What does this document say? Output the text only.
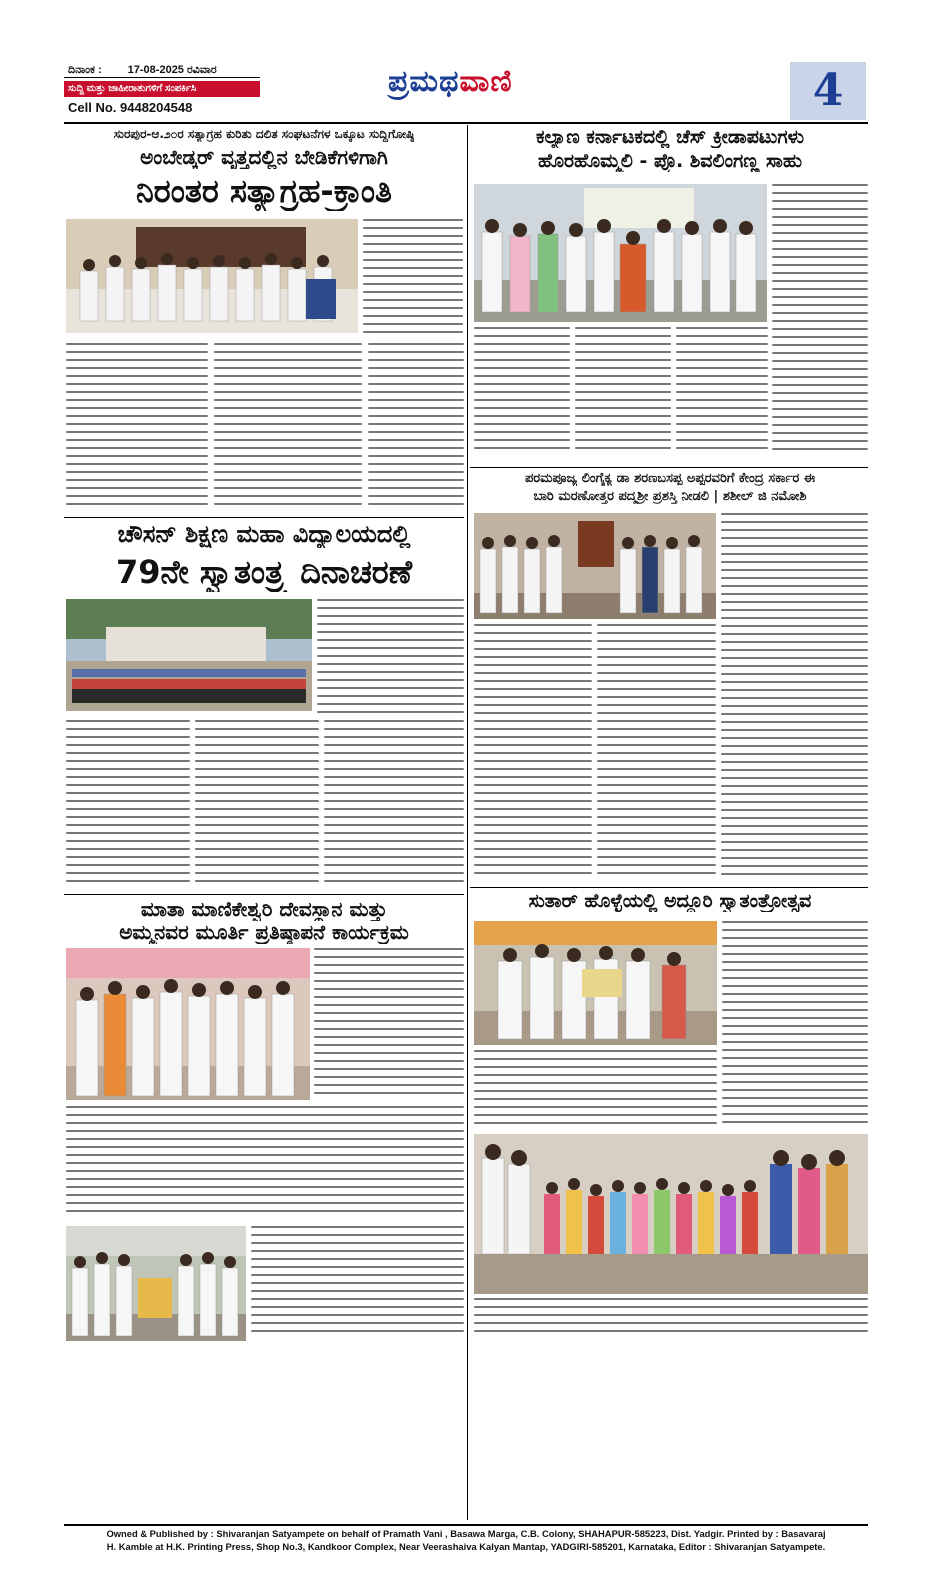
ದಿನಾಂಕ : 17-08-2025 ರವಿವಾರ
ಸುದ್ದಿ ಮತ್ತು ಜಾಹೀರಾತುಗಳಿಗೆ ಸಂಪರ್ಕಿಸಿ
Cell No. 9448204548
ಪ್ರಮಥವಾಣಿ	4
ಸುರಪುರ-ಆ.೨೦ರ ಸತ್ಯಾಗ್ರಹ ಕುರಿತು ದಲಿತ ಸಂಘಟನೆಗಳ ಒಕ್ಕೂಟ ಸುದ್ದಿಗೋಷ್ಠಿ
ಅಂಬೇಡ್ಕರ್ ವೃತ್ತದಲ್ಲಿನ ಬೇಡಿಕೆಗಳಿಗಾಗಿ
ನಿರಂತರ ಸತ್ಯಾಗ್ರಹ-ಕ್ರಾಂತಿ
ಕಲ್ಯಾಣ ಕರ್ನಾಟಕದಲ್ಲಿ ಚೆಸ್ ಕ್ರೀಡಾಪಟುಗಳು
ಹೊರಹೊಮ್ಮಲಿ - ಪ್ರೊ. ಶಿವಲಿಂಗಣ್ಣ ಸಾಹು
ಪರಮಪೂಜ್ಯ ಲಿಂಗೈಕ್ಯ ಡಾ ಶರಣಬಸಪ್ಪ ಅಪ್ಪರವರಿಗೆ ಕೇಂದ್ರ ಸರ್ಕಾರ ಈ
ಬಾರಿ ಮರಣೋತ್ತರ ಪದ್ಮಶ್ರೀ ಪ್ರಶಸ್ತಿ ನೀಡಲಿ | ಶಶೀಲ್ ಜಿ ನಮೋಶಿ
ಚೌಸನ್ ಶಿಕ್ಷಣ ಮಹಾ ವಿದ್ಯಾಲಯದಲ್ಲಿ
79ನೇ ಸ್ವಾತಂತ್ರ್ಯ ದಿನಾಚರಣೆ
ಸುತಾರ್ ಹೊಳ್ಳೆಯಲ್ಲಿ ಅದ್ದೂರಿ ಸ್ವಾತಂತ್ರೋತ್ಸವ
ಮಾತಾ ಮಾಣಿಕೇಶ್ವರಿ ದೇವಸ್ಥಾನ ಮತ್ತು
ಅಮ್ಮನವರ ಮೂರ್ತಿ ಪ್ರತಿಷ್ಠಾಪನೆ ಕಾರ್ಯಕ್ರಮ
Owned & Published by : Shivaranjan Satyampete on behalf of Pramath Vani , Basawa Marga, C.B. Colony, SHAHAPUR-585223, Dist. Yadgir. Printed by : Basavaraj
H. Kamble at H.K. Printing Press, Shop No.3, Kandkoor Complex, Near Veerashaiva Kalyan Mantap, YADGIRI-585201, Karnataka, Editor : Shivaranjan Satyampete.
